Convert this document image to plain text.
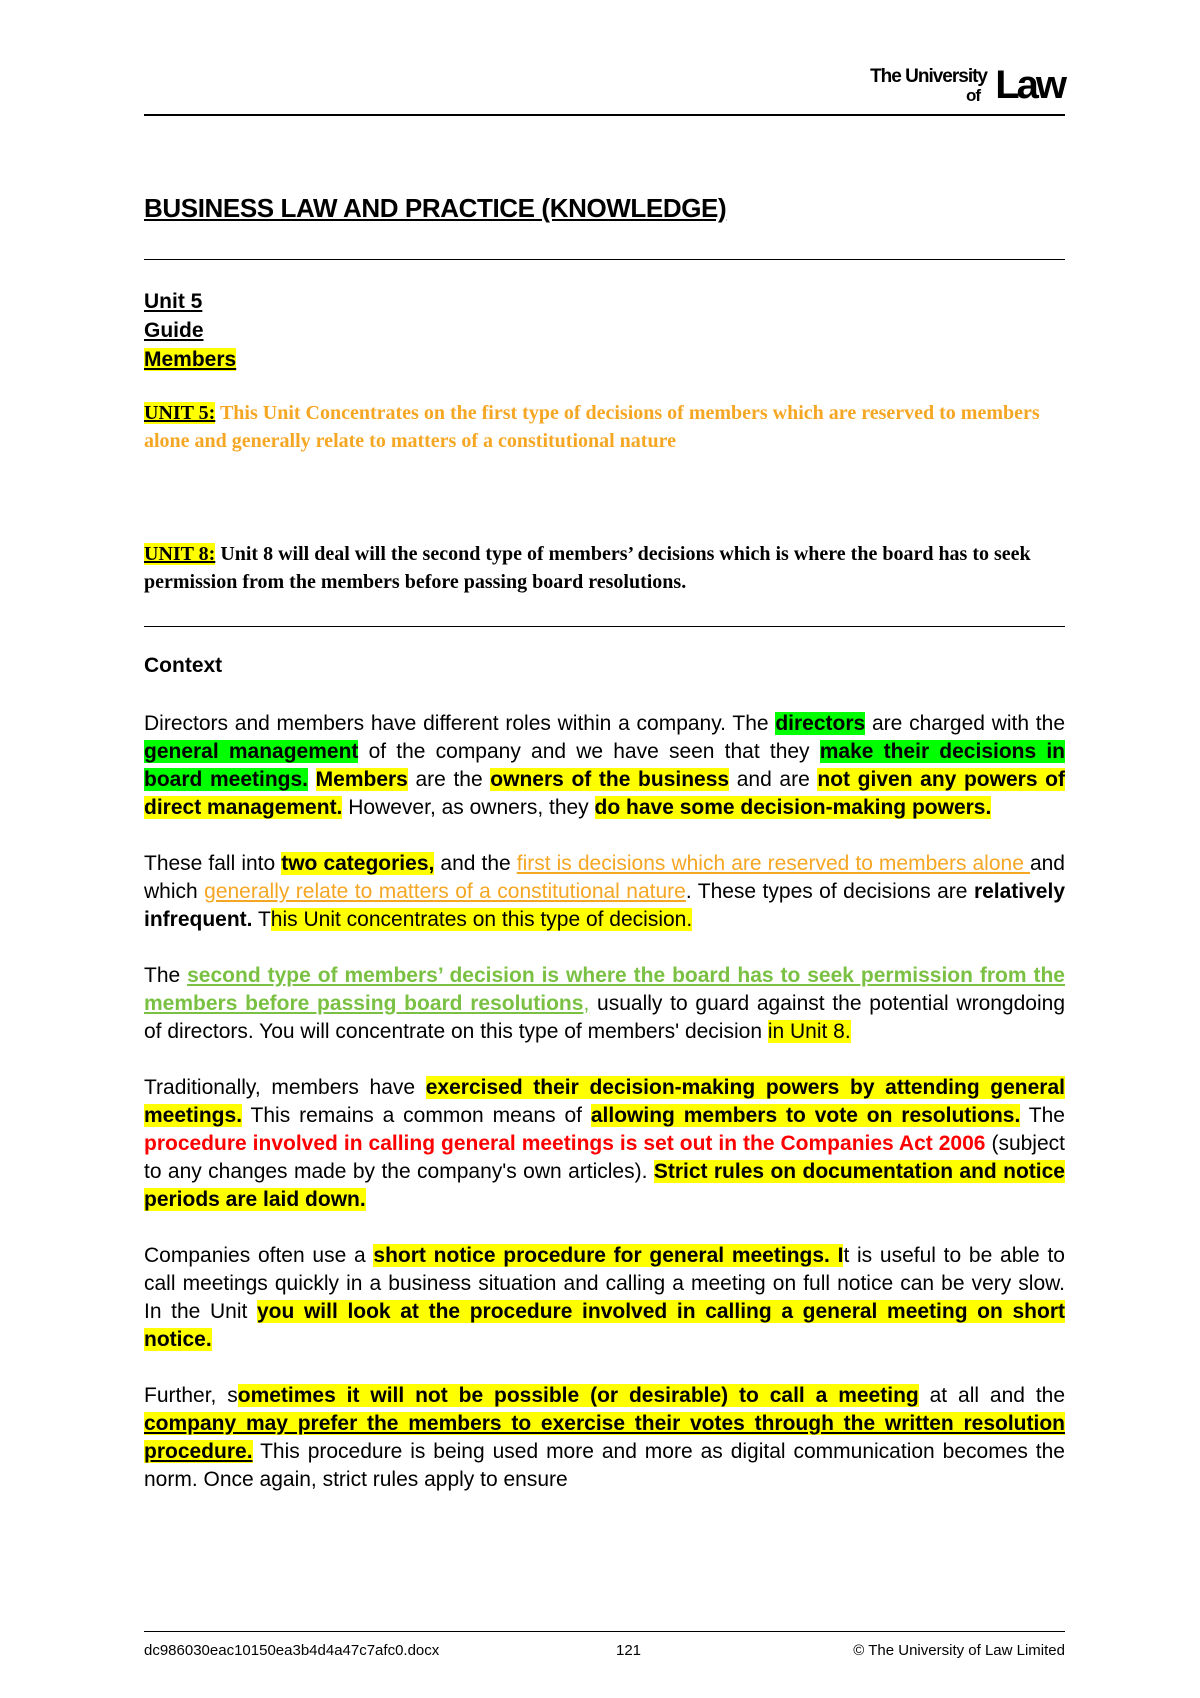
The University
of Law
BUSINESS LAW AND PRACTICE (KNOWLEDGE)
Unit 5
Guide
Members
UNIT 5: This Unit Concentrates on the first type of decisions of members which are reserved to members alone and generally relate to matters of a constitutional nature
UNIT 8: Unit 8 will deal will the second type of members’ decisions which is where the board has to seek permission from the members before passing board resolutions.
Context

Directors and members have different roles within a company. The directors are charged with the general management of the company and we have seen that they make their decisions in board meetings. Members are the owners of the business and are not given any powers of direct management. However, as owners, they do have some decision-making powers.

These fall into two categories, and the first is decisions which are reserved to members alone and which generally relate to matters of a constitutional nature. These types of decisions are relatively infrequent. This Unit concentrates on this type of decision.

The second type of members’ decision is where the board has to seek permission from the members before passing board resolutions, usually to guard against the potential wrongdoing of directors. You will concentrate on this type of members' decision in Unit 8.

Traditionally, members have exercised their decision-making powers by attending general meetings. This remains a common means of allowing members to vote on resolutions. The procedure involved in calling general meetings is set out in the Companies Act 2006 (subject to any changes made by the company's own articles). Strict rules on documentation and notice periods are laid down.

Companies often use a short notice procedure for general meetings. It is useful to be able to call meetings quickly in a business situation and calling a meeting on full notice can be very slow. In the Unit you will look at the procedure involved in calling a general meeting on short notice.

Further, sometimes it will not be possible (or desirable) to call a meeting at all and the company may prefer the members to exercise their votes through the written resolution procedure. This procedure is being used more and more as digital communication becomes the norm. Once again, strict rules apply to ensure

dc986030eac10150ea3b4d4a47c7afc0.docx	121	© The University of Law Limited
